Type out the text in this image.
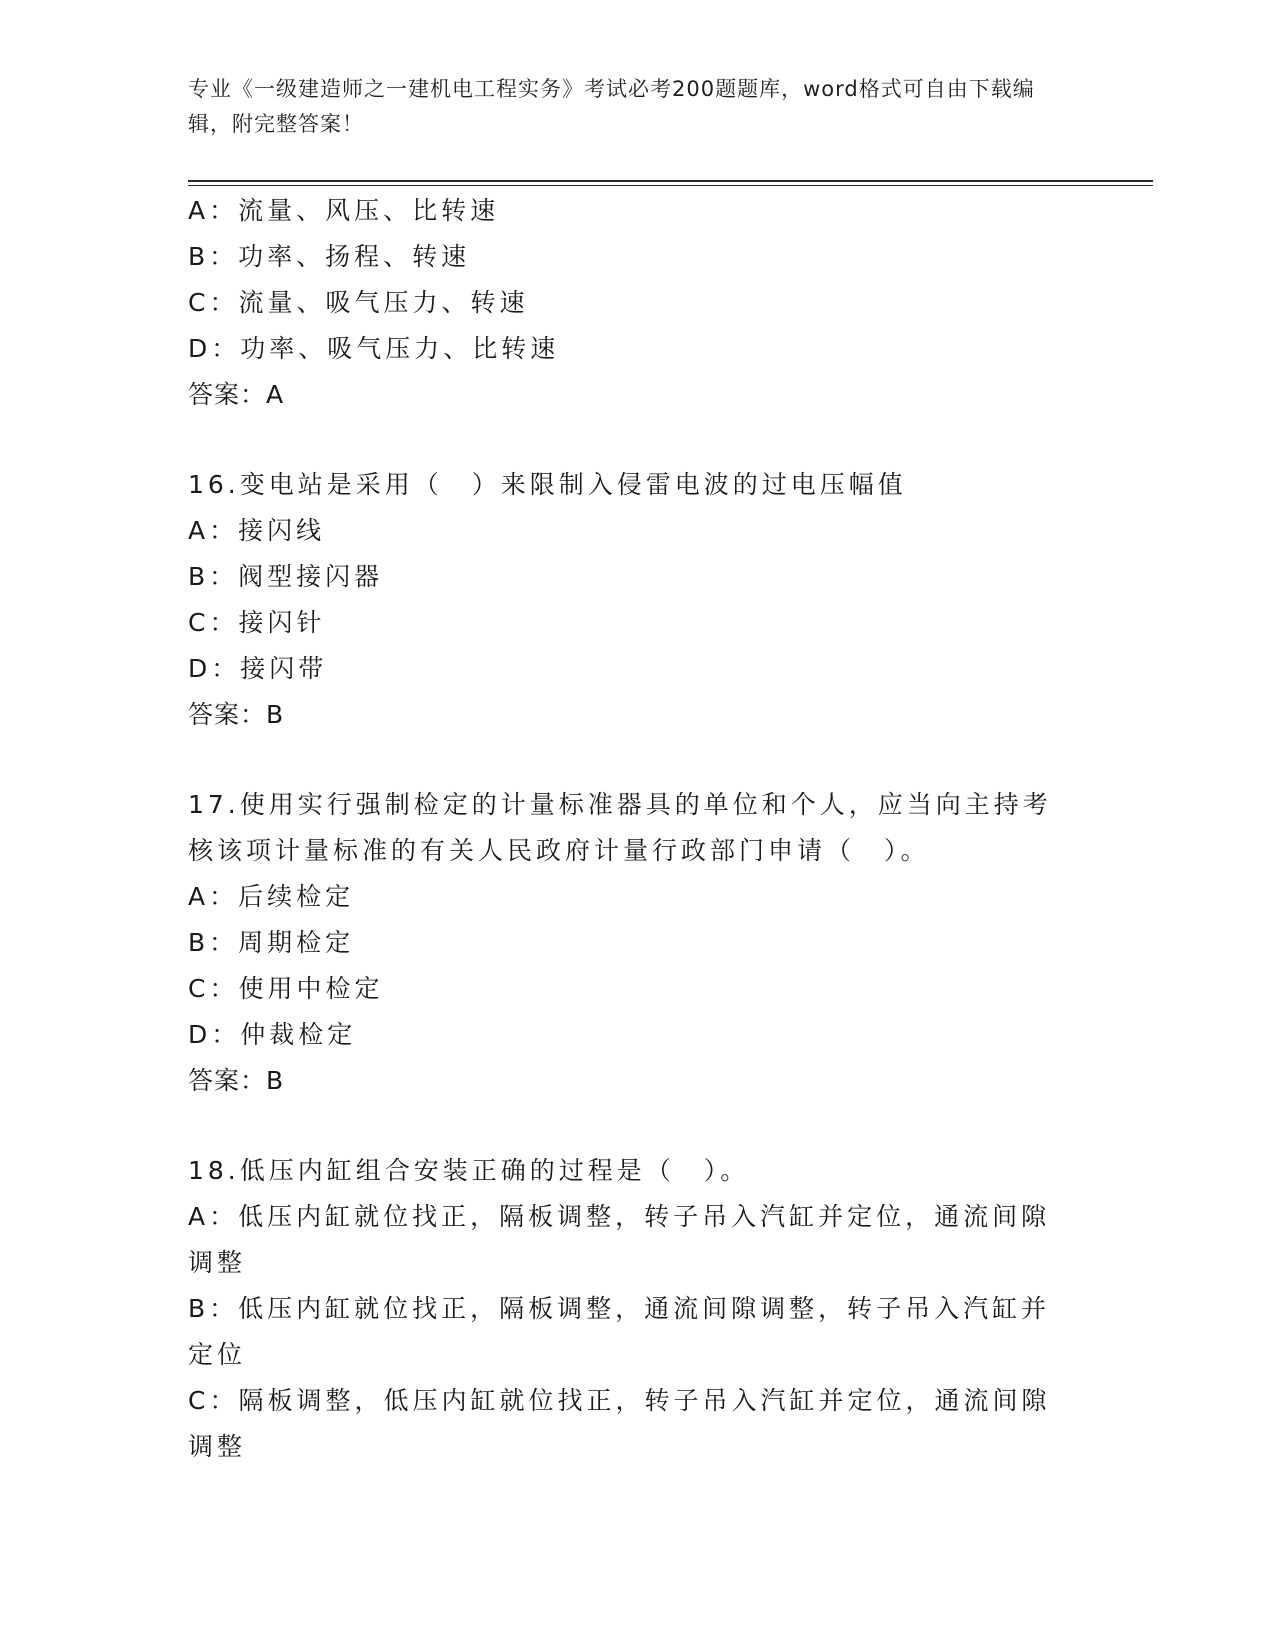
专业《一级建造师之一建机电工程实务》考试必考200题题库，word格式可自由下载编辑，附完整答案！
A：流量、风压、比转速
B：功率、扬程、转速
C：流量、吸气压力、转速
D：功率、吸气压力、比转速
答案：A
16.变电站是采用（　）来限制入侵雷电波的过电压幅值
A：接闪线
B：阀型接闪器
C：接闪针
D：接闪带
答案：B
17.使用实行强制检定的计量标准器具的单位和个人，应当向主持考核该项计量标准的有关人民政府计量行政部门申请（　）。
A：后续检定
B：周期检定
C：使用中检定
D：仲裁检定
答案：B
18.低压内缸组合安装正确的过程是（　）。
A：低压内缸就位找正，隔板调整，转子吊入汽缸并定位，通流间隙调整
B：低压内缸就位找正，隔板调整，通流间隙调整，转子吊入汽缸并定位
C：隔板调整，低压内缸就位找正，转子吊入汽缸并定位，通流间隙调整
